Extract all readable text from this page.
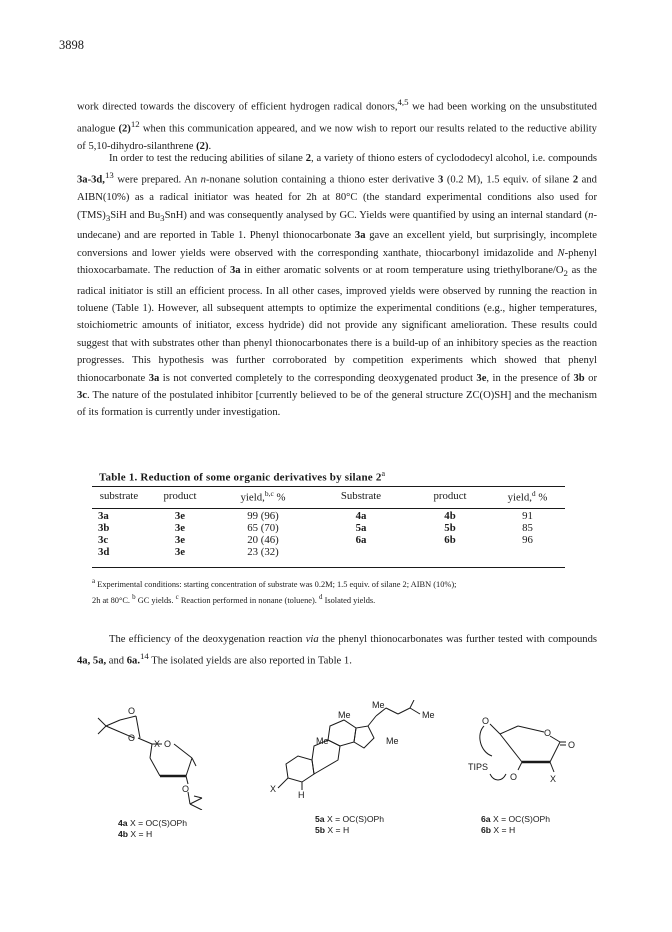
3898

work directed towards the discovery of efficient hydrogen radical donors,$^{4,5}$ we had been working on the unsubstituted analogue $(2)^{12}$ when this communication appeared, and we now wish to report our results related to the reductive ability of 5,10-dihydro-silanthrene (2).

In order to test the reducing abilities of silane 2, a variety of thiono esters of cyclododecyl alcohol, i.e. compounds 3a-3d,$^{13}$ were prepared. An n-nonane solution containing a thiono ester derivative 3 (0.2 M), 1.5 equiv. of silane 2 and AIBN(10%) as a radical initiator was heated for 2h at 80°C (the standard experimental conditions also used for $(TMS)_3SiH$ and $Bu_3SnH$) and was consequently analysed by GC. Yields were quantified by using an internal standard (n-undecane) and are reported in Table 1. Phenyl thionocarbonate 3a gave an excellent yield, but surprisingly, incomplete conversions and lower yields were observed with the corresponding xanthate, thiocarbonyl imidazolide and N-phenyl thioxocarbamate. The reduction of 3a in either aromatic solvents or at room temperature using triethylborane/$O_2$ as the radical initiator is still an efficient process. In all other cases, improved yields were observed by running the reaction in toluene (Table 1). However, all subsequent attempts to optimize the experimental conditions (e.g., higher temperatures, stoichiometric amounts of initiator, excess hydride) did not provide any significant amelioration. These results could suggest that with substrates other than phenyl thionocarbonates there is a build-up of an inhibitory species as the reaction progresses. This hypothesis was further corroborated by competition experiments which showed that phenyl thionocarbonate 3a is not converted completely to the corresponding deoxygenated product 3e, in the presence of 3b or 3c. The nature of the postulated inhibitor [currently believed to be of the general structure ZC(O)SH] and the mechanism of its formation is currently under investigation.

Table 1. Reduction of some organic derivatives by silane 2$^a$
substrate	product	yield,$^{b,c}$ %	Substrate	product	yield,$^d$ %
3a	3e	99 (96)	4a	4b	91
3b	3e	65 (70)	5a	5b	85
3c	3e	20 (46)	6a	6b	96
3d	3e	23 (32)			

$^a$ Experimental conditions: starting concentration of substrate was 0.2M; 1.5 equiv. of silane 2; AIBN (10%);

2h at 80°C. $^b$ GC yields. $^c$ Reaction performed in nonane (toluene). $^d$ Isolated yields.

The efficiency of the deoxygenation reaction via the phenyl thionocarbonates was further tested with compounds 4a, 5a, and 6a.$^{14}$ The isolated yields are also reported in Table 1.

O
O
O
O
X
Me
Me	Me
Me	Me
X
H
O
O
O
O
TIPS
X
4a X = OC(S)OPh
4b X = H
5a X = OC(S)OPh
5b X = H
6a X = OC(S)OPh
6b X = H
